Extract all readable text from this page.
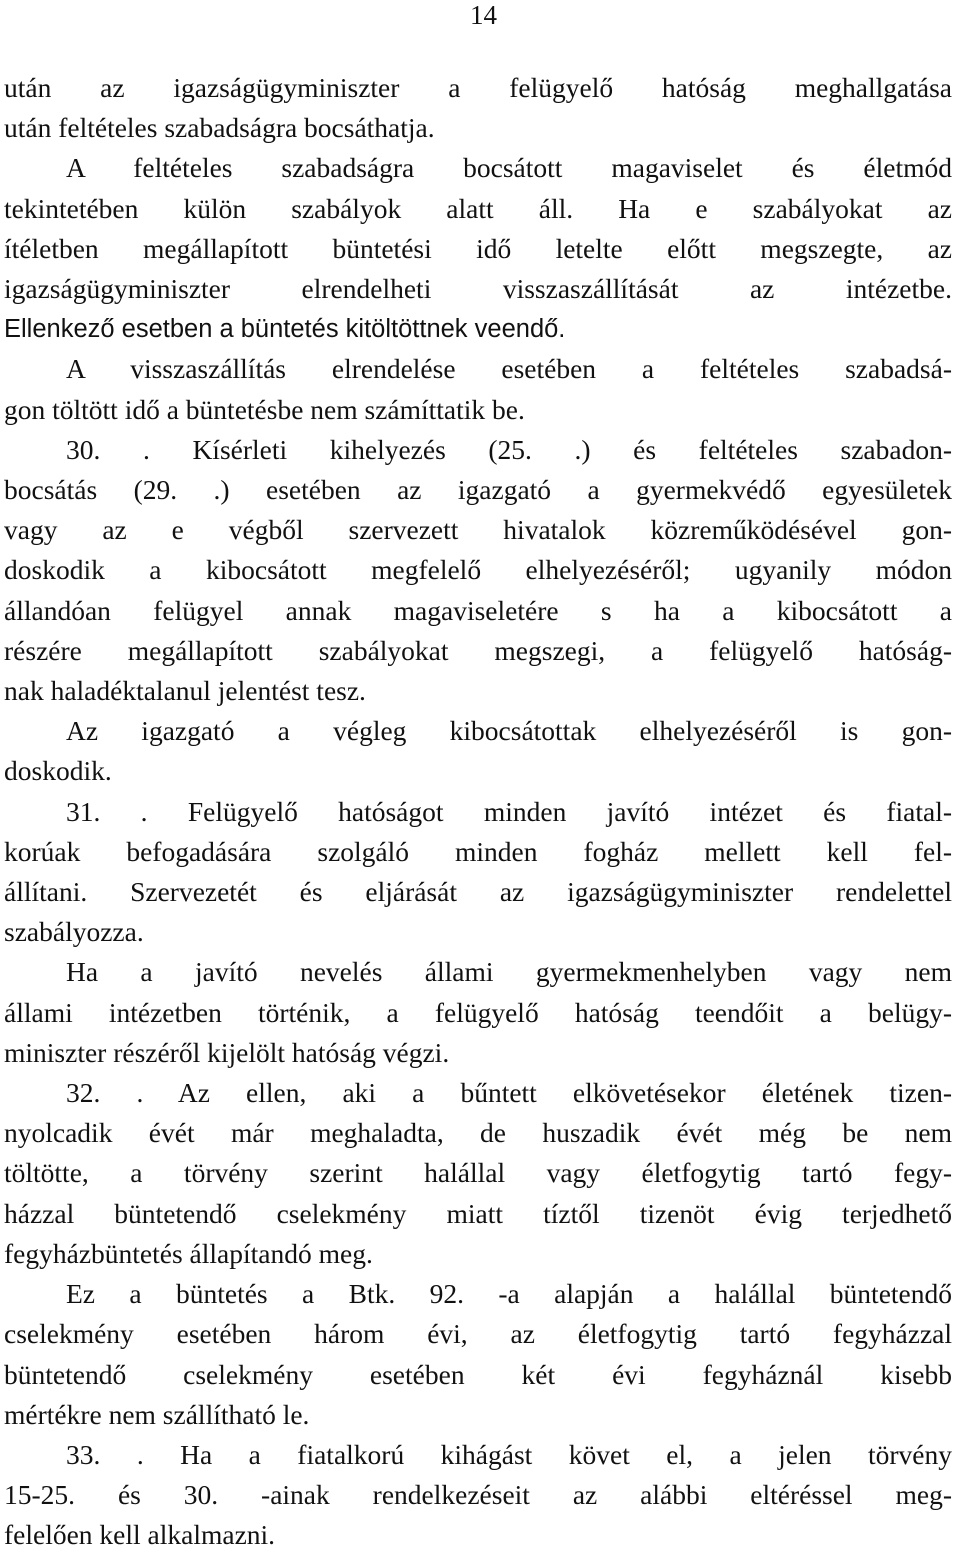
14

után az igazságügyminiszter a felügyelő hatóság meghallgatása
után feltételes szabadságra bocsáthatja.

A feltételes szabadságra bocsátott magaviselet és életmód
tekintetében külön szabályok alatt áll. Ha e szabályokat az
ítéletben megállapított büntetési idő letelte előtt megszegte, az
igazságügyminiszter elrendelheti visszaszállítását az intézetbe.
Ellenkező esetben a büntetés kitöltöttnek veendő.

A visszaszállítás elrendelése esetében a feltételes szabadsá-
gon töltött idő a büntetésbe nem számíttatik be.

30. . Kísérleti kihelyezés (25. .) és feltételes szabadon-
bocsátás (29. .) esetében az igazgató a gyermekvédő egyesületek
vagy az e végből szervezett hivatalok közreműködésével gon-
doskodik a kibocsátott megfelelő elhelyezéséről; ugyanily módon
állandóan felügyel annak magaviseletére s ha a kibocsátott a
részére megállapított szabályokat megszegi, a felügyelő hatóság-
nak haladéktalanul jelentést tesz.

Az igazgató a végleg kibocsátottak elhelyezéséről is gon-
doskodik.

31. . Felügyelő hatóságot minden javító intézet és fiatal-
korúak befogadására szolgáló minden fogház mellett kell fel-
állítani. Szervezetét és eljárását az igazságügyminiszter rendelettel
szabályozza.

Ha a javító nevelés állami gyermekmenhelyben vagy nem
állami intézetben történik, a felügyelő hatóság teendőit a belügy-
miniszter részéről kijelölt hatóság végzi.

32. . Az ellen, aki a bűntett elkövetésekor életének tizen-
nyolcadik évét már meghaladta, de huszadik évét még be nem
töltötte, a törvény szerint halállal vagy életfogytig tartó fegy-
házzal büntetendő cselekmény miatt tíztől tizenöt évig terjedhető
fegyházbüntetés állapítandó meg.

Ez a büntetés a Btk. 92. -a alapján a halállal büntetendő
cselekmény esetében három évi, az életfogytig tartó fegyházzal
büntetendő cselekmény esetében két évi fegyháznál kisebb
mértékre nem szállítható le.

33. . Ha a fiatalkorú kihágást követ el, a jelen törvény
15-25. és 30. -ainak rendelkezéseit az alábbi eltéréssel meg-
felelően kell alkalmazni.
